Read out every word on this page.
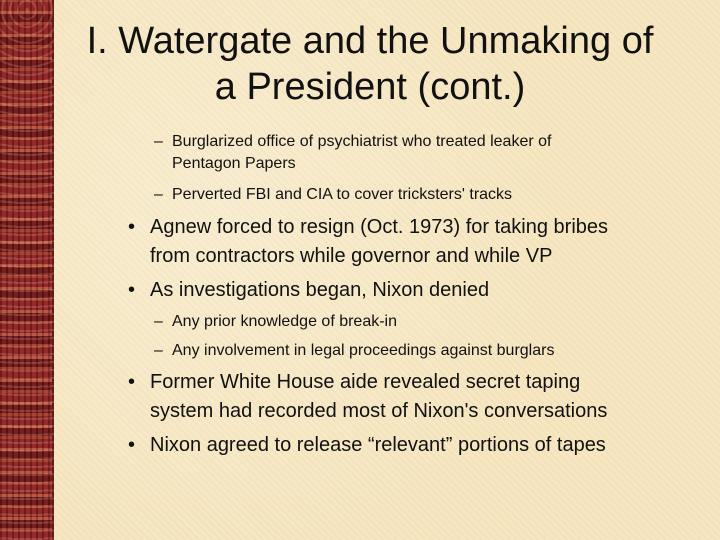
I. Watergate and the Unmaking of
a President (cont.)
– Burglarized office of psychiatrist who treated leaker of
Pentagon Papers
– Perverted FBI and CIA to cover tricksters' tracks
• Agnew forced to resign (Oct. 1973) for taking bribes
from contractors while governor and while VP
• As investigations began, Nixon denied
– Any prior knowledge of break-in
– Any involvement in legal proceedings against burglars
• Former White House aide revealed secret taping
system had recorded most of Nixon's conversations
• Nixon agreed to release “relevant” portions of tapes
